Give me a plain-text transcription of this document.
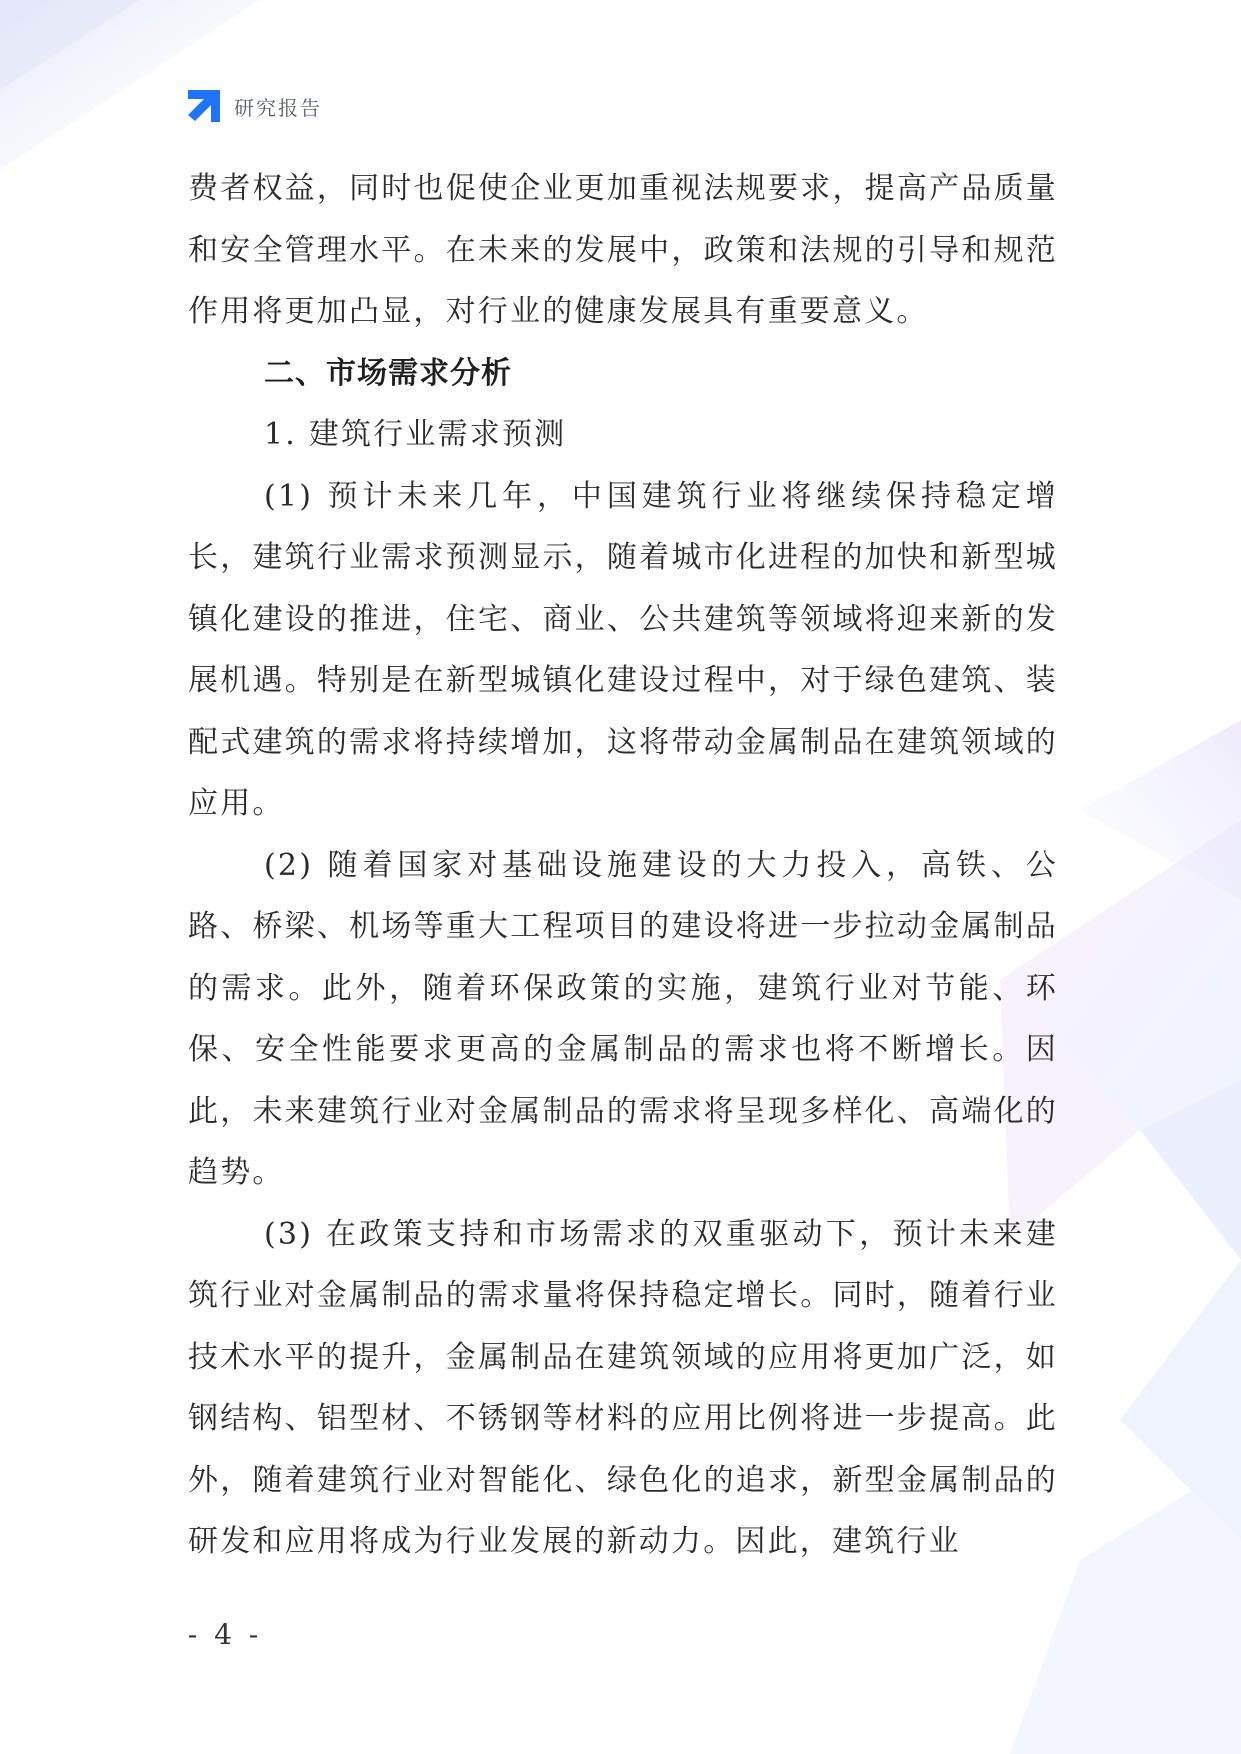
研究报告

费者权益，同时也促使企业更加重视法规要求，提高产品质量和安全管理水平。在未来的发展中，政策和法规的引导和规范作用将更加凸显，对行业的健康发展具有重要意义。

二、市场需求分析

1. 建筑行业需求预测

(1) 预计未来几年，中国建筑行业将继续保持稳定增长，建筑行业需求预测显示，随着城市化进程的加快和新型城镇化建设的推进，住宅、商业、公共建筑等领域将迎来新的发展机遇。特别是在新型城镇化建设过程中，对于绿色建筑、装配式建筑的需求将持续增加，这将带动金属制品在建筑领域的应用。

(2) 随着国家对基础设施建设的大力投入，高铁、公路、桥梁、机场等重大工程项目的建设将进一步拉动金属制品的需求。此外，随着环保政策的实施，建筑行业对节能、环保、安全性能要求更高的金属制品的需求也将不断增长。因此，未来建筑行业对金属制品的需求将呈现多样化、高端化的趋势。

(3) 在政策支持和市场需求的双重驱动下，预计未来建筑行业对金属制品的需求量将保持稳定增长。同时，随着行业技术水平的提升，金属制品在建筑领域的应用将更加广泛，如钢结构、铝型材、不锈钢等材料的应用比例将进一步提高。此外，随着建筑行业对智能化、绿色化的追求，新型金属制品的研发和应用将成为行业发展的新动力。因此，建筑行业

- 4 -
